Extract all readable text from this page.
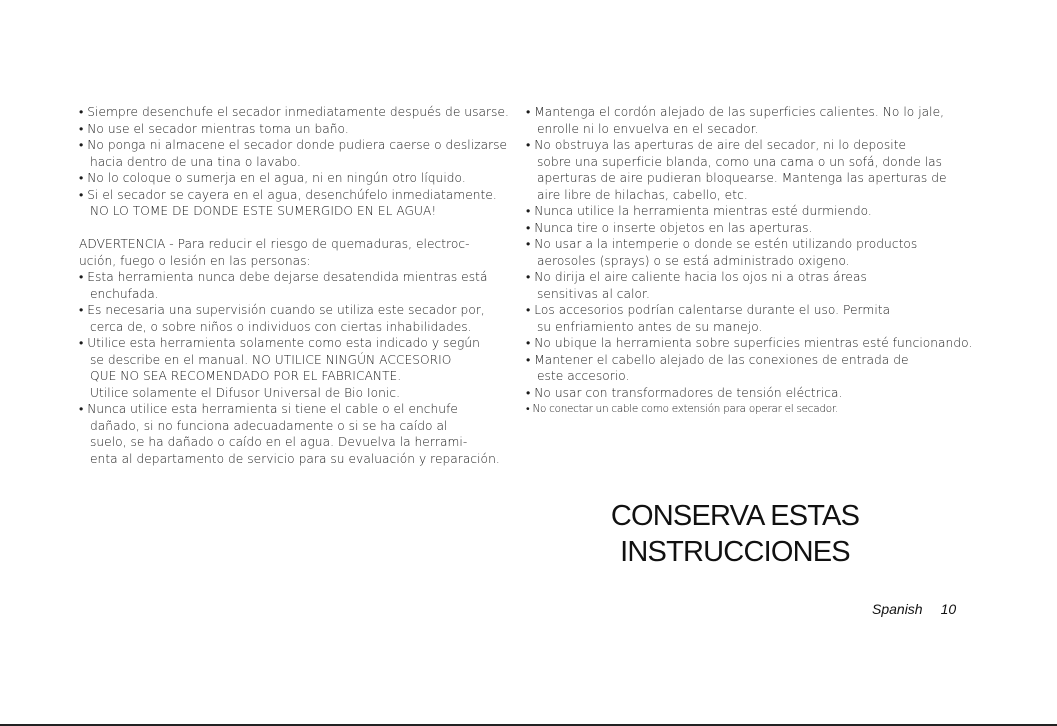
• Siempre desenchufe el secador inmediatamente después de usarse.
• No use el secador mientras toma un baño.
• No ponga ni almacene el secador donde pudiera caerse o deslizarse
hacia dentro de una tina o lavabo.
• No lo coloque o sumerja en el agua, ni en ningún otro líquido.
• Si el secador se cayera en el agua, desenchúfelo inmediatamente.
NO LO TOME DE DONDE ESTE SUMERGIDO EN EL AGUA!
ADVERTENCIA - Para reducir el riesgo de quemaduras, electroc-
ución, fuego o lesión en las personas:
• Esta herramienta nunca debe dejarse desatendida mientras está
enchufada.
• Es necesaria una supervisión cuando se utiliza este secador por,
cerca de, o sobre niños o individuos con ciertas inhabilidades.
• Utilice esta herramienta solamente como esta indicado y según
se describe en el manual. NO UTILICE NINGÚN ACCESORIO
QUE NO SEA RECOMENDADO POR EL FABRICANTE.
Utilice solamente el Difusor Universal de Bio Ionic.
• Nunca utilice esta herramienta si tiene el cable o el enchufe
dañado, si no funciona adecuadamente o si se ha caído al
suelo, se ha dañado o caído en el agua. Devuelva la herrami-
enta al departamento de servicio para su evaluación y reparación.
• Mantenga el cordón alejado de las superficies calientes. No lo jale,
enrolle ni lo envuelva en el secador.
• No obstruya las aperturas de aire del secador, ni lo deposite
sobre una superficie blanda, como una cama o un sofá, donde las
aperturas de aire pudieran bloquearse. Mantenga las aperturas de
aire libre de hilachas, cabello, etc.
• Nunca utilice la herramienta mientras esté durmiendo.
• Nunca tire o inserte objetos en las aperturas.
• No usar a la intemperie o donde se estén utilizando productos
aerosoles (sprays) o se está administrado oxigeno.
• No dirija el aire caliente hacia los ojos ni a otras áreas
sensitivas al calor.
• Los accesorios podrían calentarse durante el uso. Permita
su enfriamiento antes de su manejo.
• No ubique la herramienta sobre superficies mientras esté funcionando.
• Mantener el cabello alejado de las conexiones de entrada de
este accesorio.
• No usar con transformadores de tensión eléctrica.
• No conectar un cable como extensión para operar el secador.
CONSERVA ESTAS
INSTRUCCIONES
Spanish 10
